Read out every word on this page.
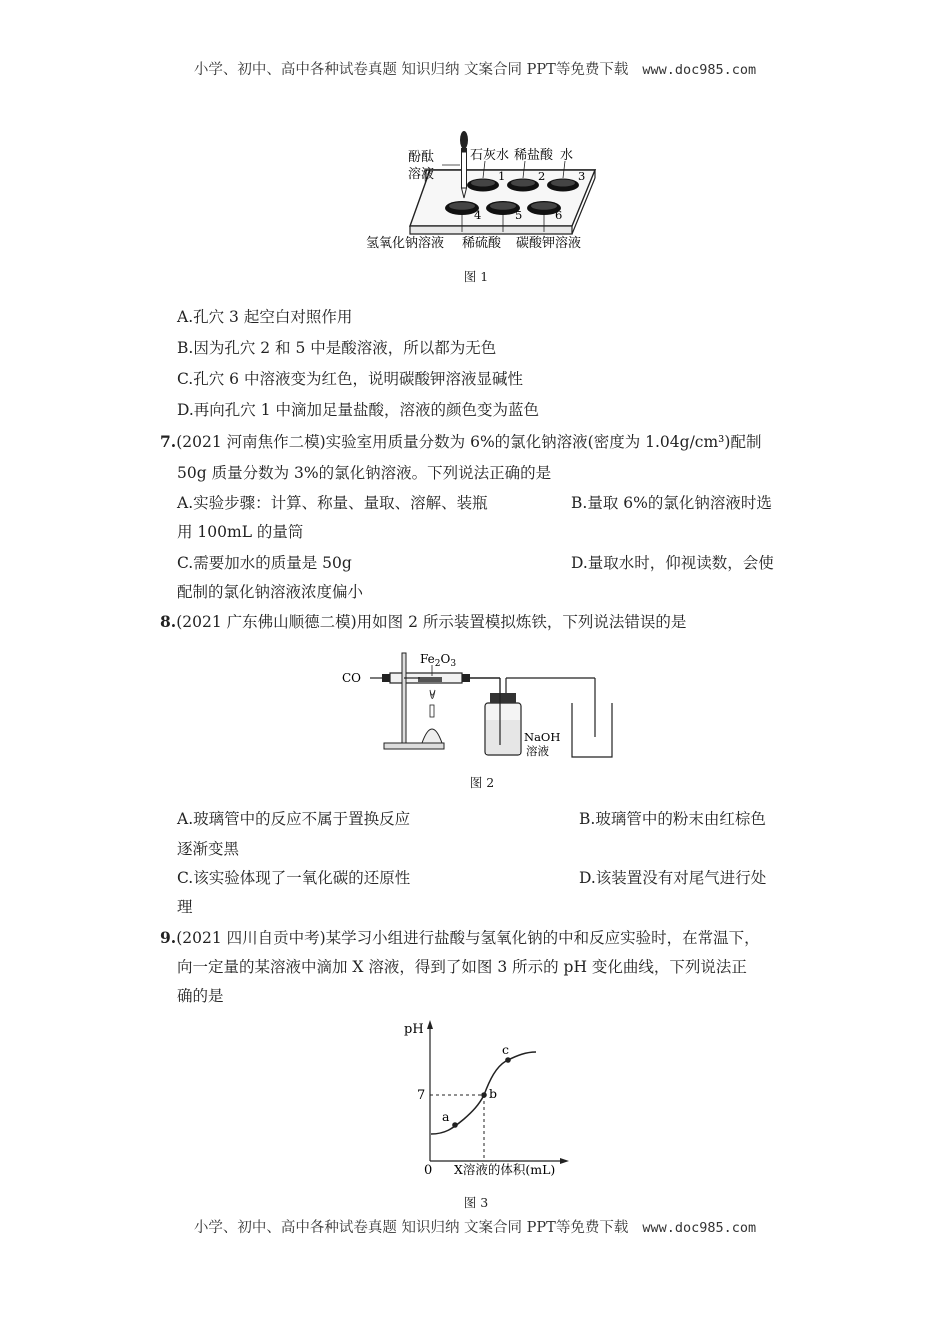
小学、初中、高中各种试卷真题 知识归纳 文案合同 PPT等免费下载 www.doc985.com
酚酞
溶液
石灰水 稀盐酸 水
1	2	3
4	5	6
氢氧化钠溶液 稀硫酸 碳酸钾溶液
图 1
A.孔穴 3 起空白对照作用
B.因为孔穴 2 和 5 中是酸溶液，所以都为无色
C.孔穴 6 中溶液变为红色，说明碳酸钾溶液显碱性
D.再向孔穴 1 中滴加足量盐酸，溶液的颜色变为蓝色
7.(2021 河南焦作二模)实验室用质量分数为 6%的氯化钠溶液(密度为 1.04g/cm³)配制
50g 质量分数为 3%的氯化钠溶液。下列说法正确的是
A.实验步骤：计算、称量、量取、溶解、装瓶	B.量取 6%的氯化钠溶液时选
用 100mL 的量筒
C.需要加水的质量是 50g	D.量取水时，仰视读数，会使
配制的氯化钠溶液浓度偏小
8.(2021 广东佛山顺德二模)用如图 2 所示装置模拟炼铁，下列说法错误的是
CO
$Fe_2O_3$
NaOH
溶液
图 2
A.玻璃管中的反应不属于置换反应	B.玻璃管中的粉末由红棕色
逐渐变黑
C.该实验体现了一氧化碳的还原性	D.该装置没有对尾气进行处
理
9.(2021 四川自贡中考)某学习小组进行盐酸与氢氧化钠的中和反应实验时，在常温下，
向一定量的某溶液中滴加 X 溶液，得到了如图 3 所示的 pH 变化曲线，下列说法正
确的是
pH
7
0 X溶液的体积(mL)
a
b
c
图 3
小学、初中、高中各种试卷真题 知识归纳 文案合同 PPT等免费下载 www.doc985.com
